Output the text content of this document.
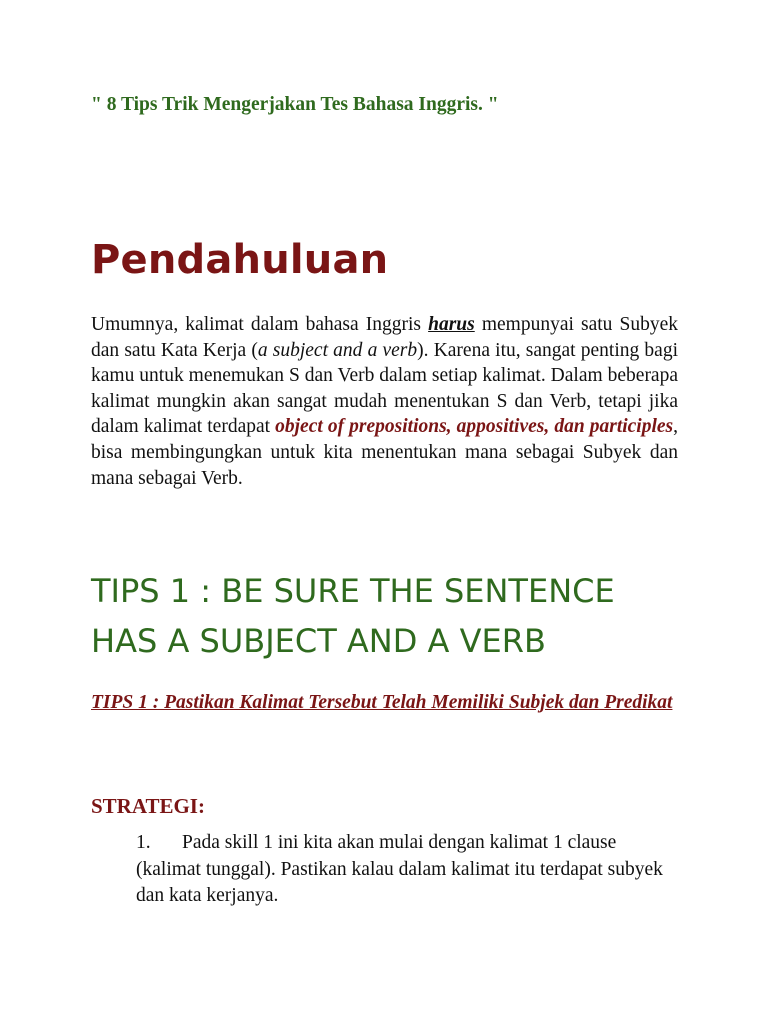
" 8 Tips Trik Mengerjakan Tes Bahasa Inggris. "

Pendahuluan

Umumnya, kalimat dalam bahasa Inggris harus mempunyai satu Subyek dan satu Kata Kerja (a subject and a verb). Karena itu, sangat penting bagi kamu untuk menemukan S dan Verb dalam setiap kalimat. Dalam beberapa kalimat mungkin akan sangat mudah menentukan S dan Verb, tetapi jika dalam kalimat terdapat object of prepositions, appositives, dan participles, bisa membingungkan untuk kita menentukan mana sebagai Subyek dan mana sebagai Verb.

TIPS 1 : BE SURE THE SENTENCE HAS A SUBJECT AND A VERB

TIPS 1 : Pastikan Kalimat Tersebut Telah Memiliki Subjek dan Predikat

STRATEGI:

1. Pada skill 1 ini kita akan mulai dengan kalimat 1 clause (kalimat tunggal). Pastikan kalau dalam kalimat itu terdapat subyek dan kata kerjanya.
